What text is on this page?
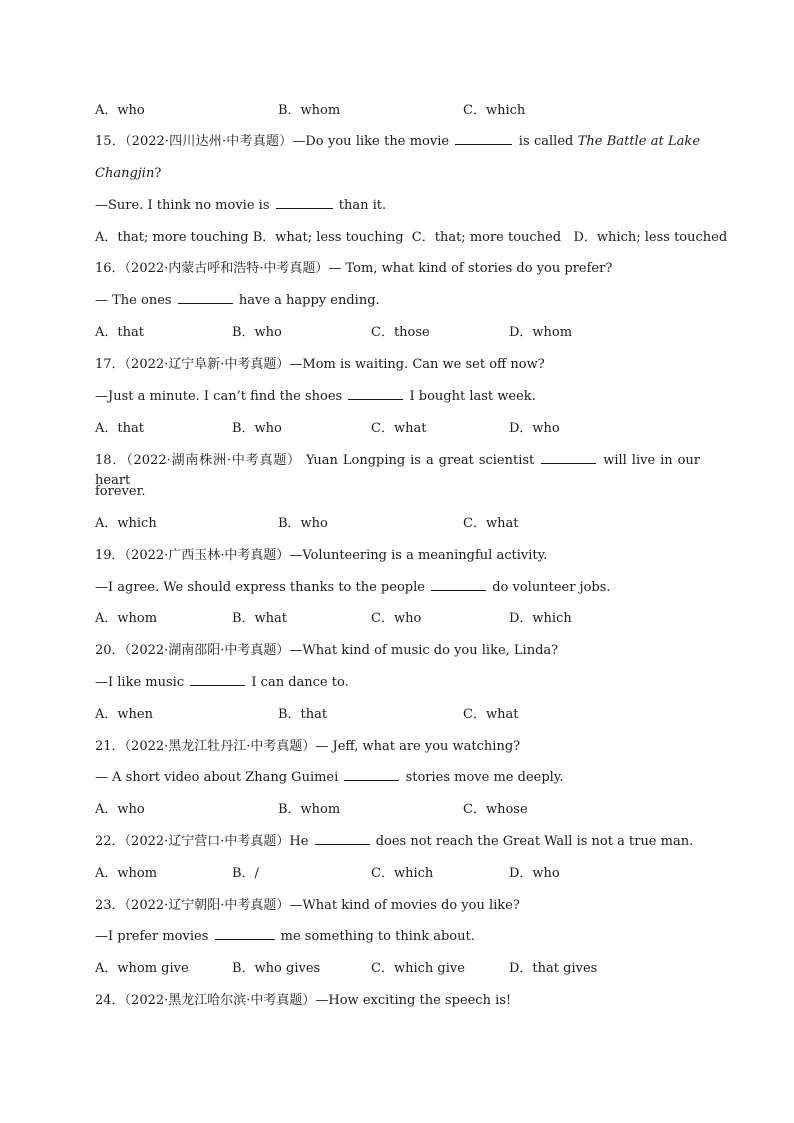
A．who	B．whom	C．which
15．（2022·四川达州·中考真题）—Do you like the movie	is called The Battle at Lake
Changjin?
—Sure. I think no movie is	than it.
A．that; more touching B．what; less touching  C．that; more touched   D．which; less touched
16．（2022·内蒙古呼和浩特·中考真题）— Tom, what kind of stories do you prefer?
— The ones	have a happy ending.
A．that	B．who	C．those	D．whom
17．（2022·辽宁阜新·中考真题）—Mom is waiting. Can we set off now?
—Just a minute. I can’t find the shoes	I bought last week.
A．that	B．who	C．what	D．who
18．（2022·湖南株洲·中考真题） Yuan Longping is a great scientist	will live in our heart
forever.
A．which	B．who	C．what
19．（2022·广西玉林·中考真题）—Volunteering is a meaningful activity.
—I agree. We should express thanks to the people	do volunteer jobs.
A．whom	B．what	C．who	D．which
20．（2022·湖南邵阳·中考真题）—What kind of music do you like, Linda?
—I like music	I can dance to.
A．when	B．that	C．what
21．（2022·黑龙江牡丹江·中考真题）— Jeff, what are you watching?
— A short video about Zhang Guimei	stories move me deeply.
A．who	B．whom	C．whose
22．（2022·辽宁营口·中考真题）He	does not reach the Great Wall is not a true man.
A．whom	B．/	C．which	D．who
23．（2022·辽宁朝阳·中考真题）—What kind of movies do you like?
—I prefer movies	me something to think about.
A．whom give	B．who gives	C．which give	D．that gives
24．（2022·黑龙江哈尔滨·中考真题）—How exciting the speech is!
